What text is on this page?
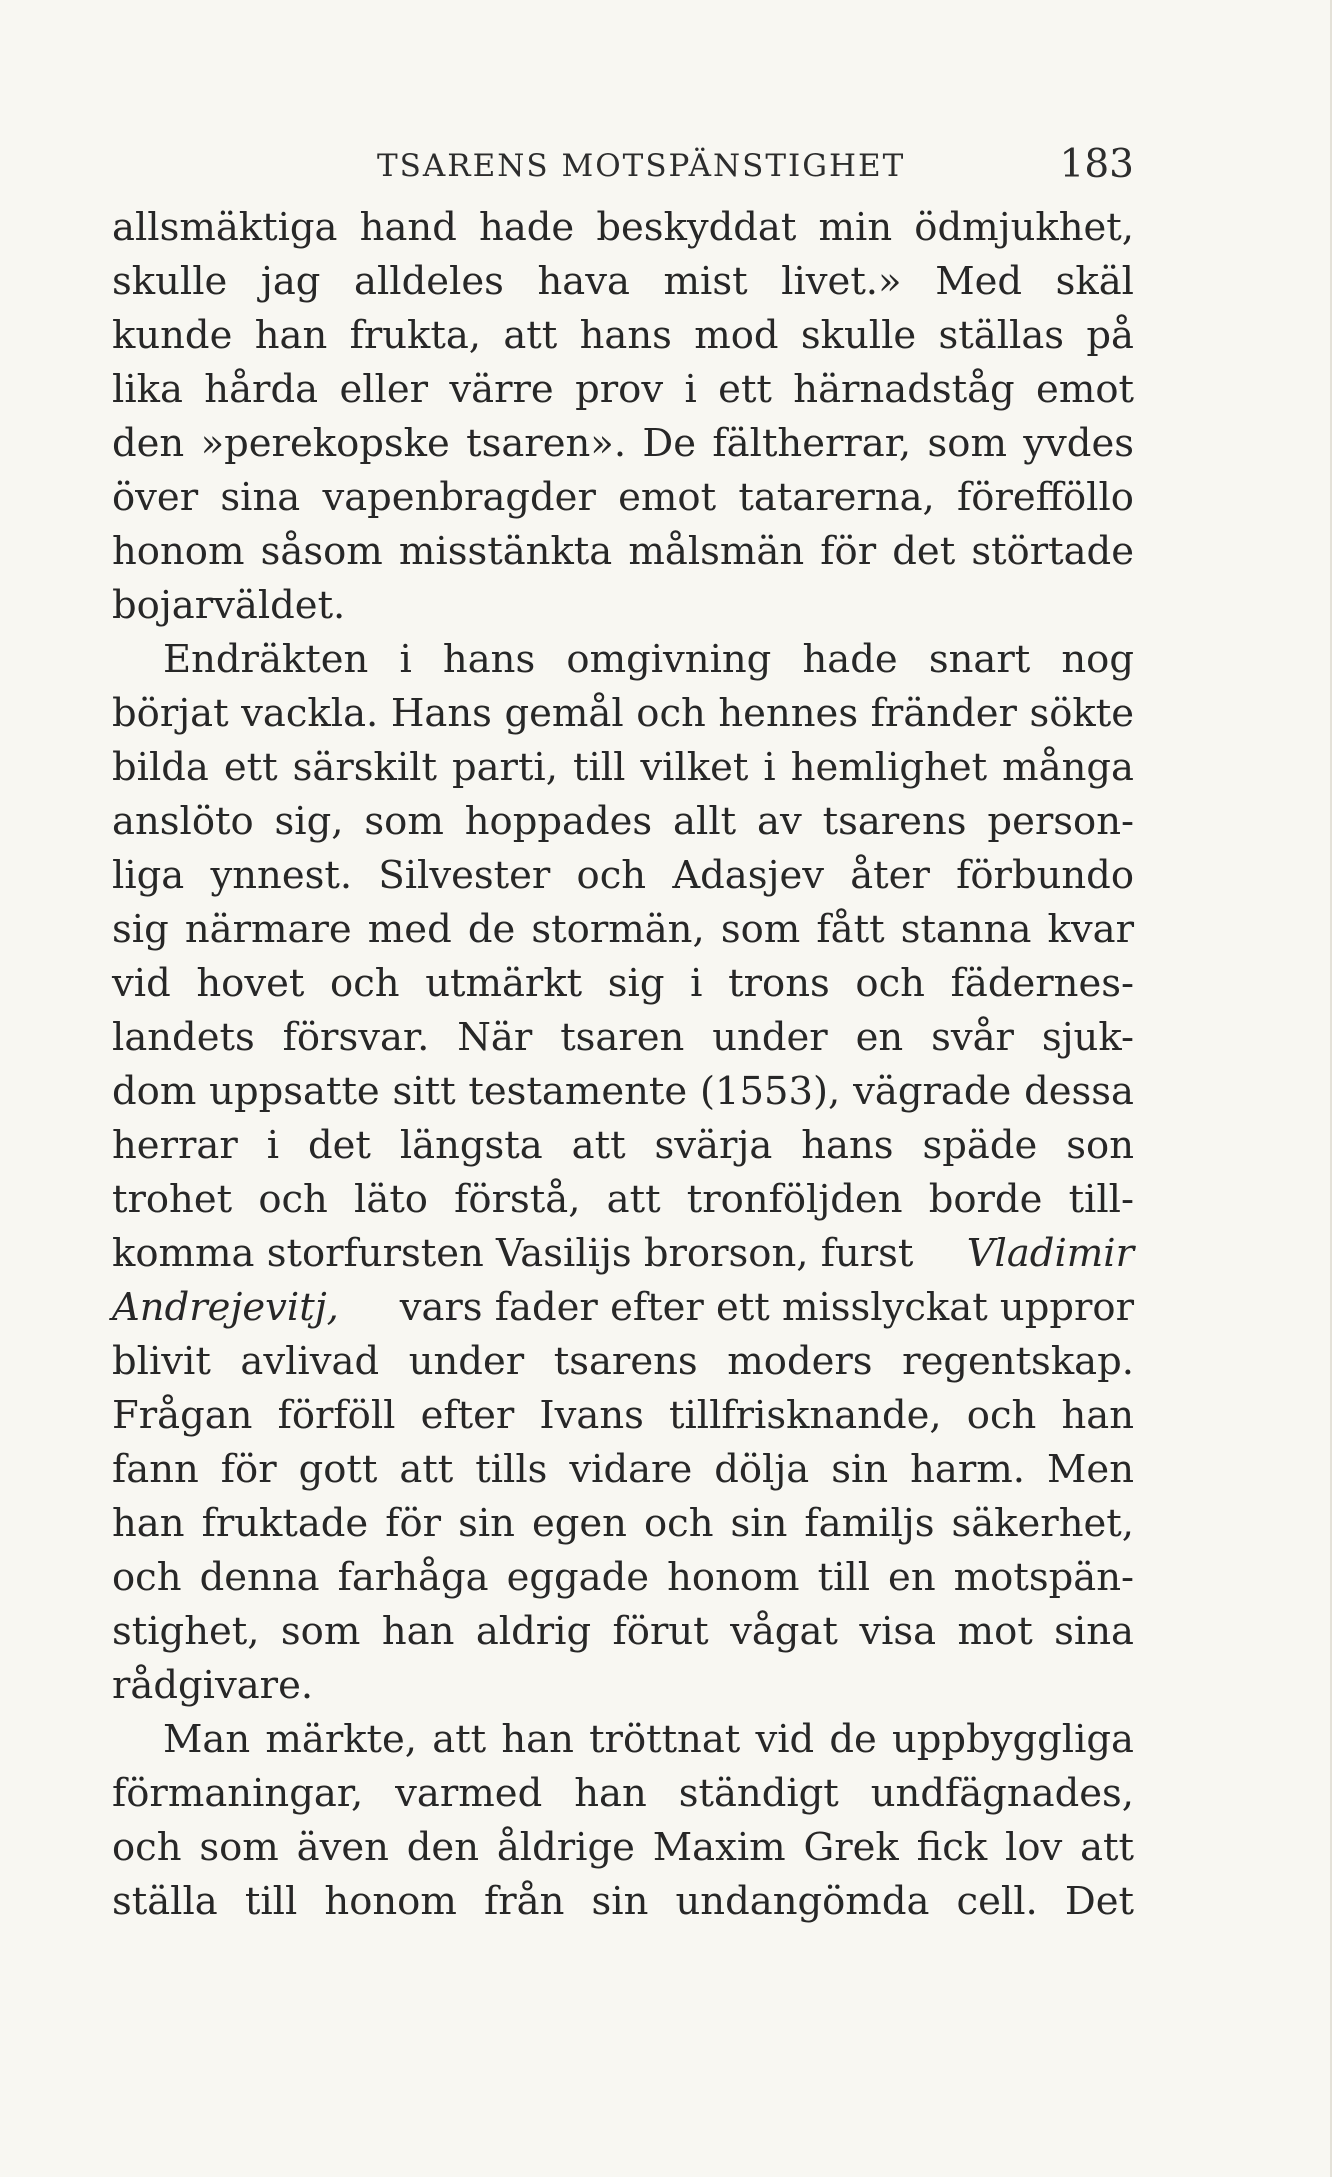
TSARENS MOTSPÄNSTIGHET	183
allsmäktiga hand hade beskyddat min ödmjukhet,
skulle jag alldeles hava mist livet.» Med skäl
kunde han frukta, att hans mod skulle ställas på
lika hårda eller värre prov i ett härnadståg emot
den »perekopske tsaren». De fältherrar, som yvdes
över sina vapenbragder emot tatarerna, förefföllo
honom såsom misstänkta målsmän för det störtade
bojarväldet.
Endräkten i hans omgivning hade snart nog
börjat vackla. Hans gemål och hennes fränder sökte
bilda ett särskilt parti, till vilket i hemlighet många
anslöto sig, som hoppades allt av tsarens person-
liga ynnest. Silvester och Adasjev åter förbundo
sig närmare med de stormän, som fått stanna kvar
vid hovet och utmärkt sig i trons och fädernes-
landets försvar. När tsaren under en svår sjuk-
dom uppsatte sitt testamente (1553), vägrade dessa
herrar i det längsta att svärja hans späde son
trohet och läto förstå, att tronföljden borde till-
komma storfursten Vasilijs brorson, furst Vladimir
Andrejevitj, vars fader efter ett misslyckat uppror
blivit avlivad under tsarens moders regentskap.
Frågan förföll efter Ivans tillfrisknande, och han
fann för gott att tills vidare dölja sin harm. Men
han fruktade för sin egen och sin familjs säkerhet,
och denna farhåga eggade honom till en motspän-
stighet, som han aldrig förut vågat visa mot sina
rådgivare.
Man märkte, att han tröttnat vid de uppbyggliga
förmaningar, varmed han ständigt undfägnades,
och som även den åldrige Maxim Grek fick lov att
ställa till honom från sin undangömda cell. Det
